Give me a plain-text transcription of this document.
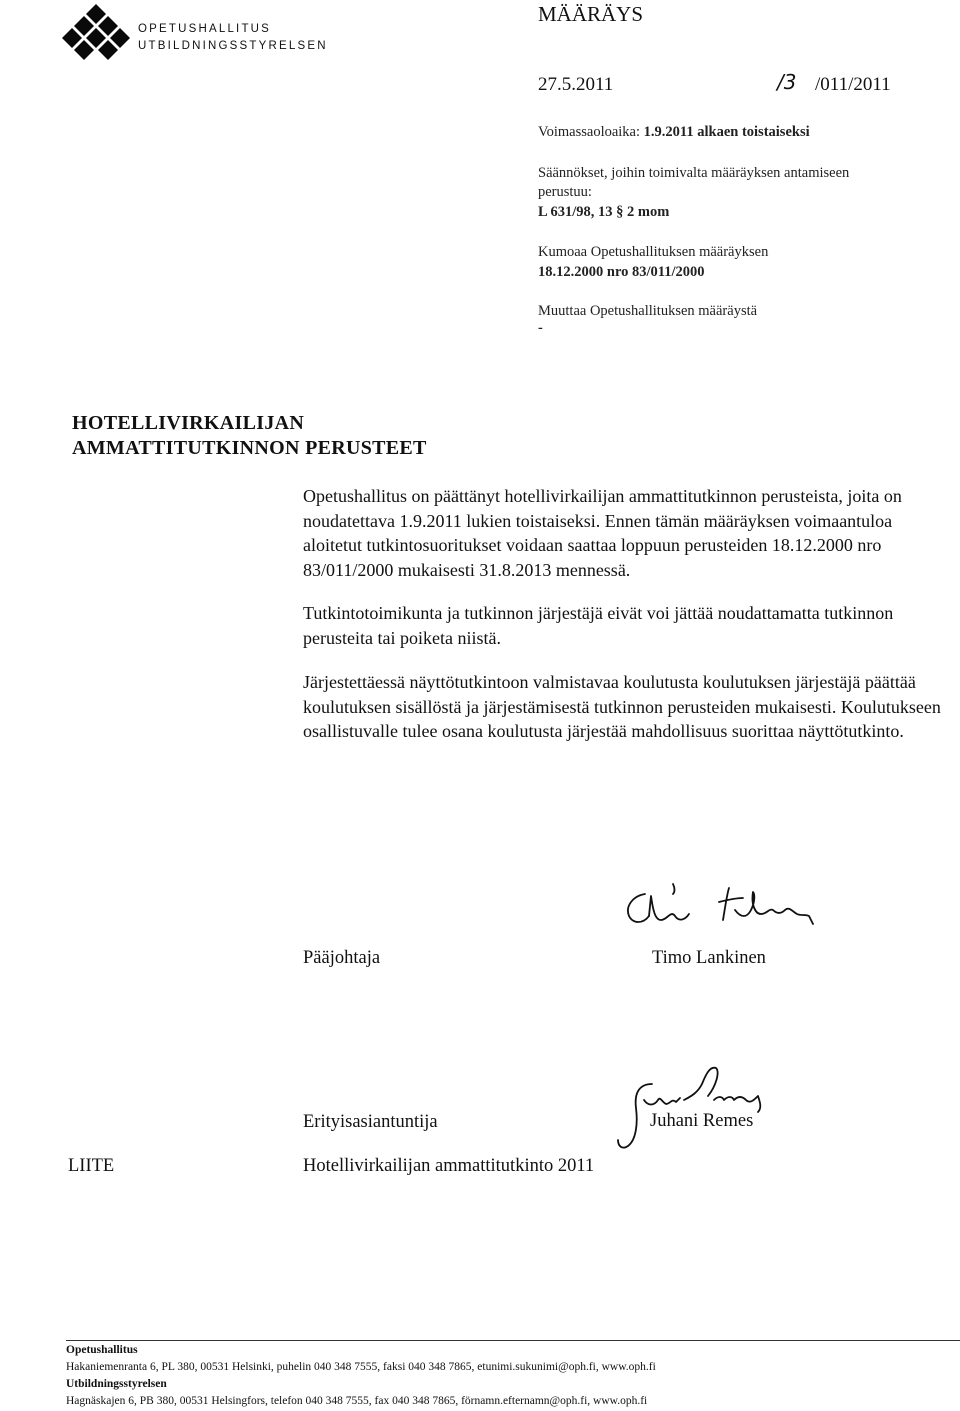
OPETUSHALLITUS
UTBILDNINGSSTYRELSEN
MÄÄRÄYS
27.5.2011	/3 /011/2011
Voimassaoloaika: 1.9.2011 alkaen toistaiseksi
Säännökset, joihin toimivalta määräyksen antamiseen
perustuu:
L 631/98, 13 § 2 mom
Kumoaa Opetushallituksen määräyksen
18.12.2000 nro 83/011/2000
Muuttaa Opetushallituksen määräystä
-
HOTELLIVIRKAILIJAN
AMMATTITUTKINNON PERUSTEET
Opetushallitus on päättänyt hotellivirkailijan ammattitutkinnon perusteista, joita on noudatettava 1.9.2011 lukien toistaiseksi. Ennen tämän määräyksen voimaantuloa aloitetut tutkintosuoritukset voidaan saattaa loppuun perusteiden 18.12.2000 nro 83/011/2000 mukaisesti 31.8.2013 mennessä.
Tutkintotoimikunta ja tutkinnon järjestäjä eivät voi jättää noudattamatta tutkinnon perusteita tai poiketa niistä.
Järjestettäessä näyttötutkintoon valmistavaa koulutusta koulutuksen järjestäjä päättää koulutuksen sisällöstä ja järjestämisestä tutkinnon perusteiden mukaisesti. Koulutukseen osallistuvalle tulee osana koulutusta järjestää mahdollisuus suorittaa näyttötutkinto.
Pääjohtaja	Timo Lankinen
Erityisasiantuntija	Juhani Remes
LIITE	Hotellivirkailijan ammattitutkinto 2011
Opetushallitus
Hakaniemenranta 6, PL 380, 00531 Helsinki, puhelin 040 348 7555, faksi 040 348 7865, etunimi.sukunimi@oph.fi, www.oph.fi
Utbildningsstyrelsen
Hagnäskajen 6, PB 380, 00531 Helsingfors, telefon 040 348 7555, fax 040 348 7865, förnamn.efternamn@oph.fi, www.oph.fi
